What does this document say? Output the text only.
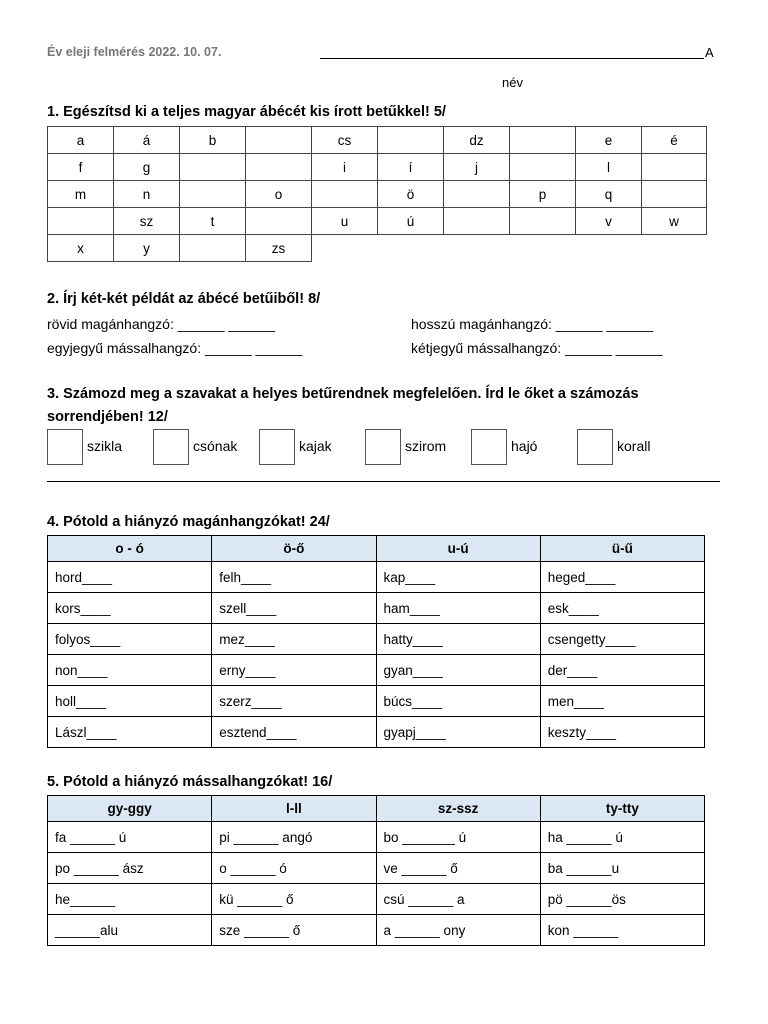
Év eleji felmérés 2022. 10. 07.	A
név
1. Egészítsd ki a teljes magyar ábécét kis írott betűkkel! 5/
a	á	b		cs		dz		e	é
f	g			i	í	j		l	
m	n		o		ö		p	q	
	sz	t		u	ú			v	w
x	y		zs						
2. Írj két-két példát az ábécé betűiből! 8/
rövid magánhangzó: ______ ______	hosszú magánhangzó: ______ ______
egyjegyű mássalhangzó: ______ ______	kétjegyű mássalhangzó: ______ ______
3. Számozd meg a szavakat a helyes betűrendnek megfelelően. Írd le őket a számozás
sorrendjében! 12/
szikla	csónak	kajak	szirom	hajó	korall
4. Pótold a hiányzó magánhangzókat! 24/
o - ó	ö-ő	u-ú	ü-ű
hord____	felh____	kap____	heged____
kors____	szell____	ham____	esk____
folyos____	mez____	hatty____	csengetty____
non____	erny____	gyan____	der____
holl____	szerz____	búcs____	men____
Lászl____	esztend____	gyapj____	keszty____
5. Pótold a hiányzó mássalhangzókat! 16/
gy-ggy	l-ll	sz-ssz	ty-tty
fa ______ ú	pi ______ angó	bo _______ ú	ha ______ ú
po ______ ász	o ______ ó	ve ______ ő	ba ______u
he______	kü ______ ő	csú ______ a	pö ______ös
______alu	sze ______ ő	a ______ ony	kon ______
